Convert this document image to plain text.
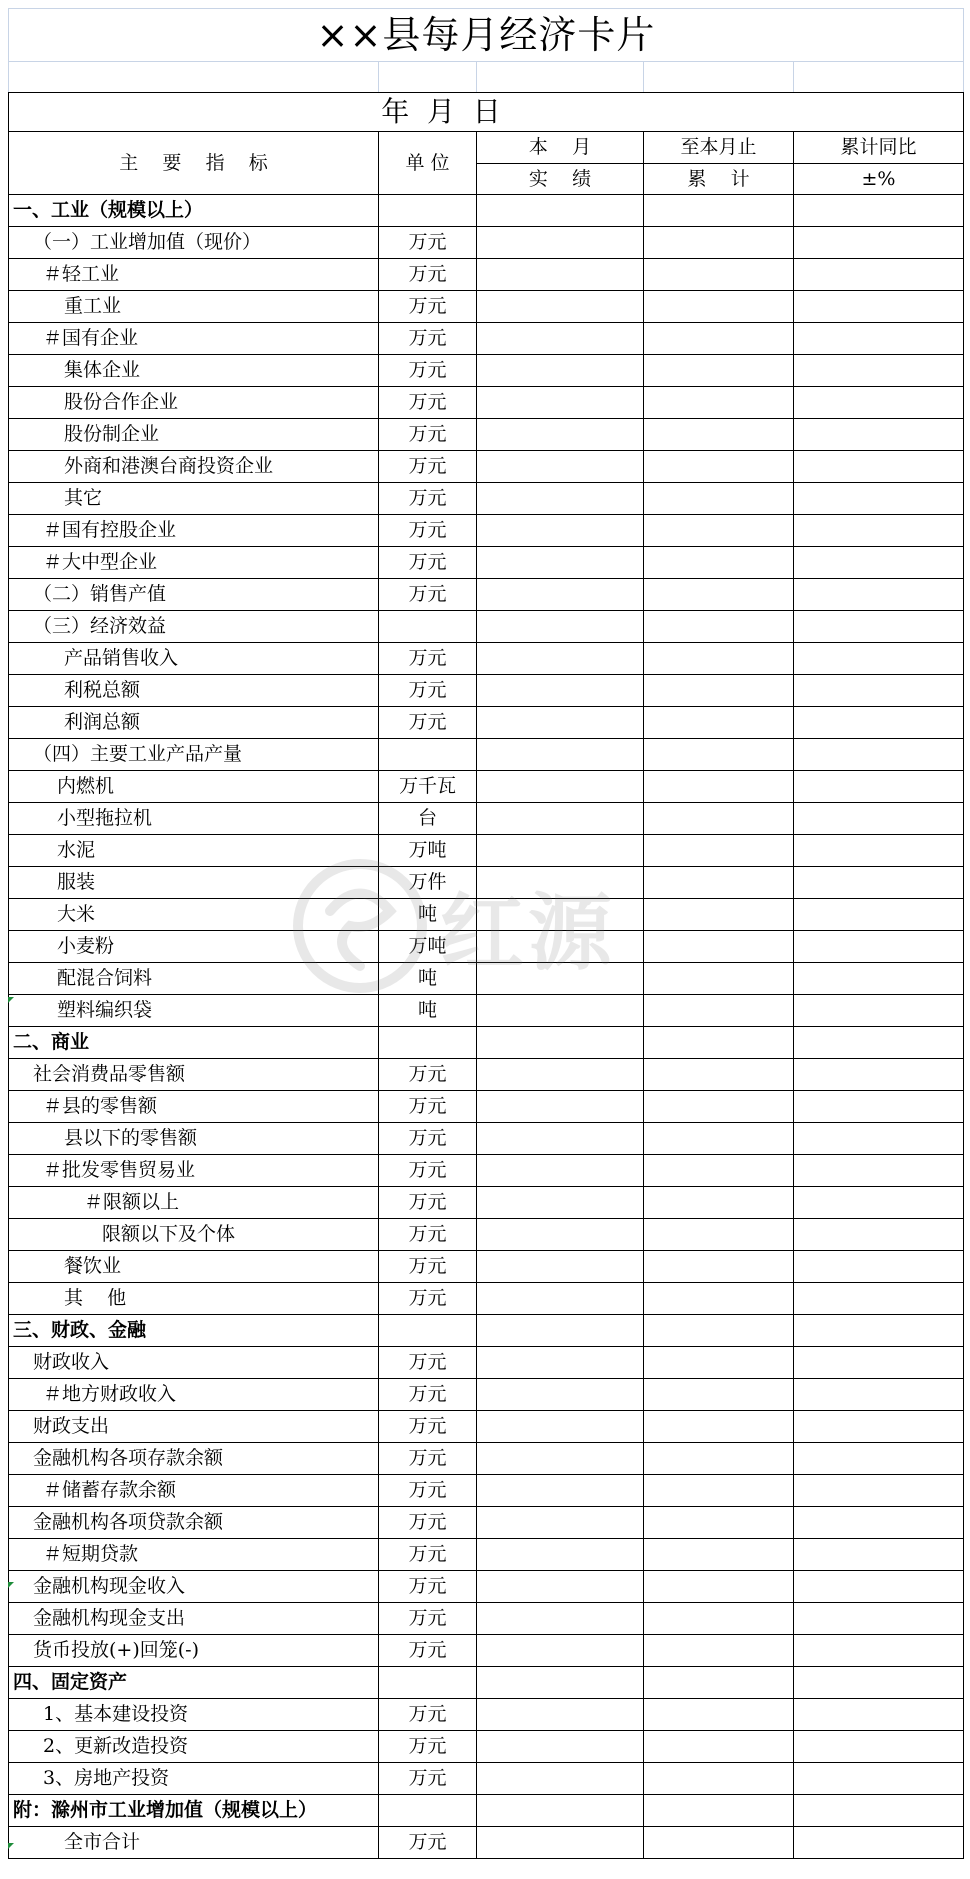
××县每月经济卡片				

年  月  日				
主    要    指    标	单 位	本    月	至本月止	累计同比
		实    绩	累    计	±%
一、工业（规模以上）				
（一）工业增加值（现价）	万元			
＃轻工业	万元			
重工业	万元			
＃国有企业	万元			
集体企业	万元			
股份合作企业	万元			
股份制企业	万元			
外商和港澳台商投资企业	万元			
其它	万元			
＃国有控股企业	万元			
＃大中型企业	万元			
（二）销售产值	万元			
（三）经济效益				
产品销售收入	万元			
利税总额	万元			
利润总额	万元			
（四）主要工业产品产量				
内燃机	万千瓦			
小型拖拉机	台			
水泥	万吨			
服装	万件			
大米	吨			
小麦粉	万吨			
配混合饲料	吨			
塑料编织袋	吨			
二、商业				
社会消费品零售额	万元			
＃县的零售额	万元			
县以下的零售额	万元			
＃批发零售贸易业	万元			
＃限额以上	万元			
限额以下及个体	万元			
餐饮业	万元			
其    他	万元			
三、财政、金融				
财政收入	万元			
＃地方财政收入	万元			
财政支出	万元			
金融机构各项存款余额	万元			
＃储蓄存款余额	万元			
金融机构各项贷款余额	万元			
＃短期贷款	万元			
金融机构现金收入	万元			
金融机构现金支出	万元			
货币投放(+)回笼(-)	万元			
四、固定资产				
1、基本建设投资	万元			
2、更新改造投资	万元			
3、房地产投资	万元			
附：滁州市工业增加值（规模以上）				
全市合计	万元			
红源
